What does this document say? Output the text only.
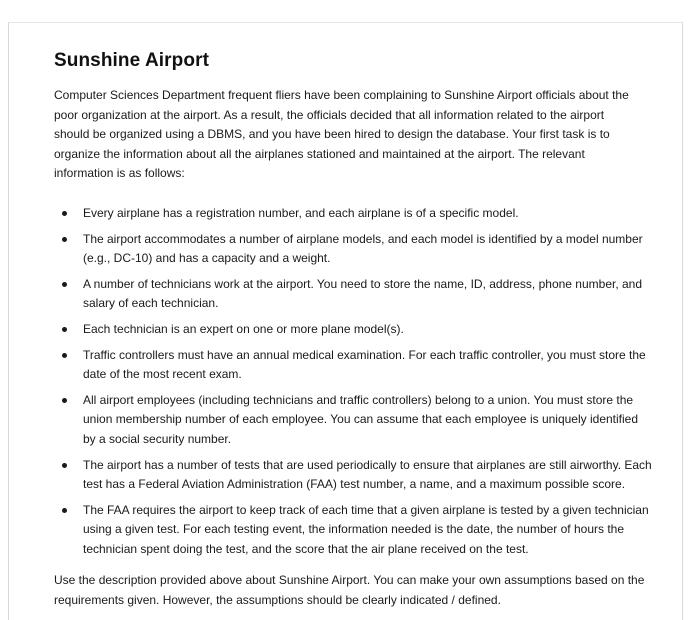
Sunshine Airport
Computer Sciences Department frequent fliers have been complaining to Sunshine Airport officials about the poor organization at the airport. As a result, the officials decided that all information related to the airport should be organized using a DBMS, and you have been hired to design the database. Your first task is to organize the information about all the airplanes stationed and maintained at the airport. The relevant information is as follows:
Every airplane has a registration number, and each airplane is of a specific model.
The airport accommodates a number of airplane models, and each model is identified by a model number (e.g., DC-10) and has a capacity and a weight.
A number of technicians work at the airport. You need to store the name, ID, address, phone number, and salary of each technician.
Each technician is an expert on one or more plane model(s).
Traffic controllers must have an annual medical examination. For each traffic controller, you must store the date of the most recent exam.
All airport employees (including technicians and traffic controllers) belong to a union. You must store the union membership number of each employee. You can assume that each employee is uniquely identified by a social security number.
The airport has a number of tests that are used periodically to ensure that airplanes are still airworthy. Each test has a Federal Aviation Administration (FAA) test number, a name, and a maximum possible score.
The FAA requires the airport to keep track of each time that a given airplane is tested by a given technician using a given test. For each testing event, the information needed is the date, the number of hours the technician spent doing the test, and the score that the air plane received on the test.
Use the description provided above about Sunshine Airport. You can make your own assumptions based on the requirements given. However, the assumptions should be clearly indicated / defined.
